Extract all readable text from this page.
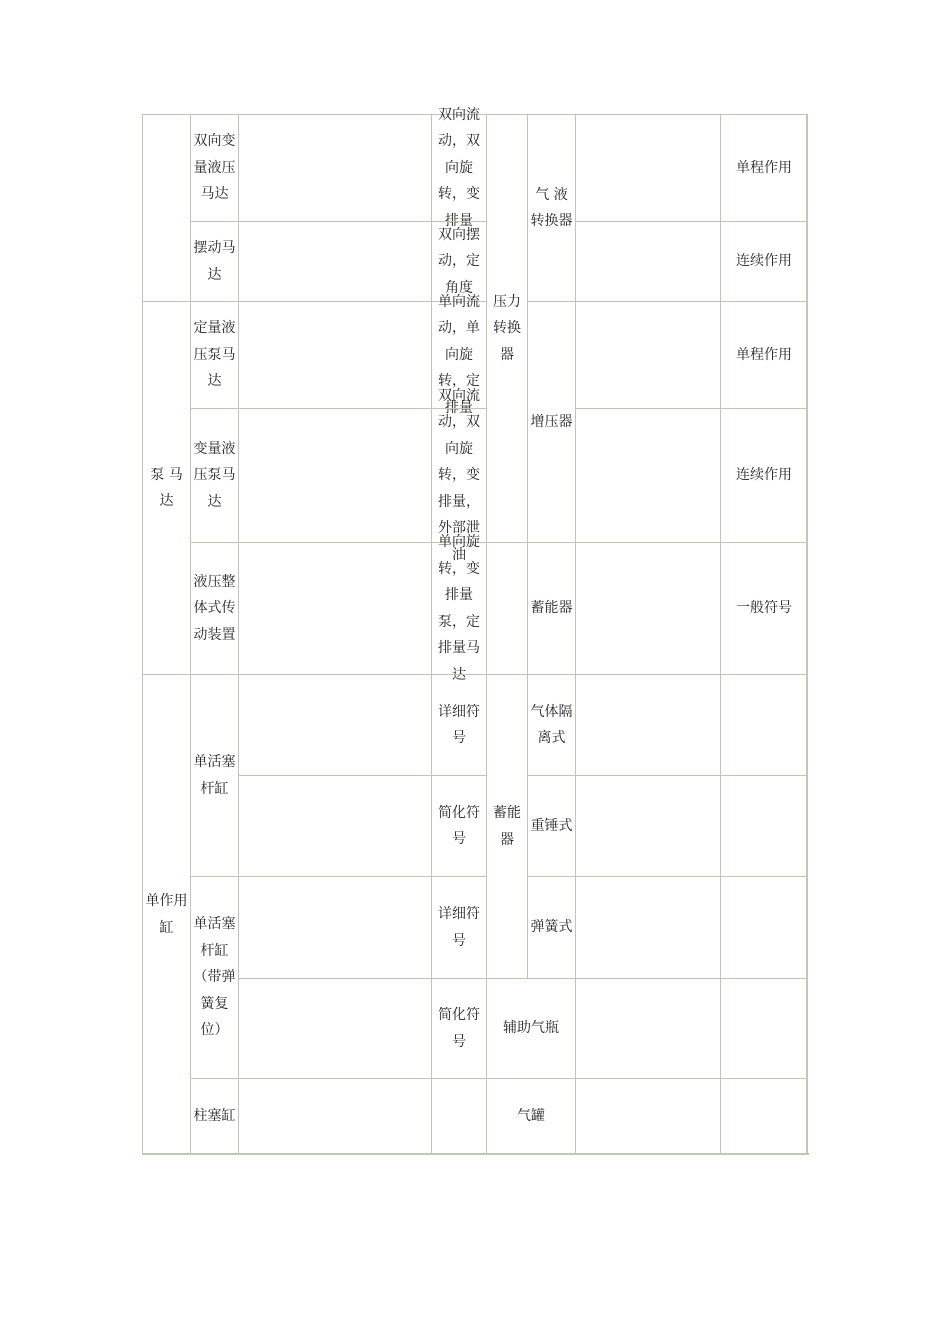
双向变量液压马达
双向流动，双向旋转，变排量
压力转换器
气 液转换器
单程作用
摆动马达
双向摆动，定角度
连续作用
泵 马达
定量液压泵马达
单向流动，单向旋转，定排量
增压器
单程作用
变量液压泵马达
双向流动，双向旋转，变排量，外部泄油
连续作用
液压整体式传动装置
单向旋转，变排量泵，定排量马达
蓄能器	一般符号
单作用缸
单活塞杆缸
详细符号
蓄能器
气体隔离式
简化符号
重锤式
单活塞杆缸（带弹簧复位）
详细符号
弹簧式
简化符号
辅助气瓶
柱塞缸	气罐
